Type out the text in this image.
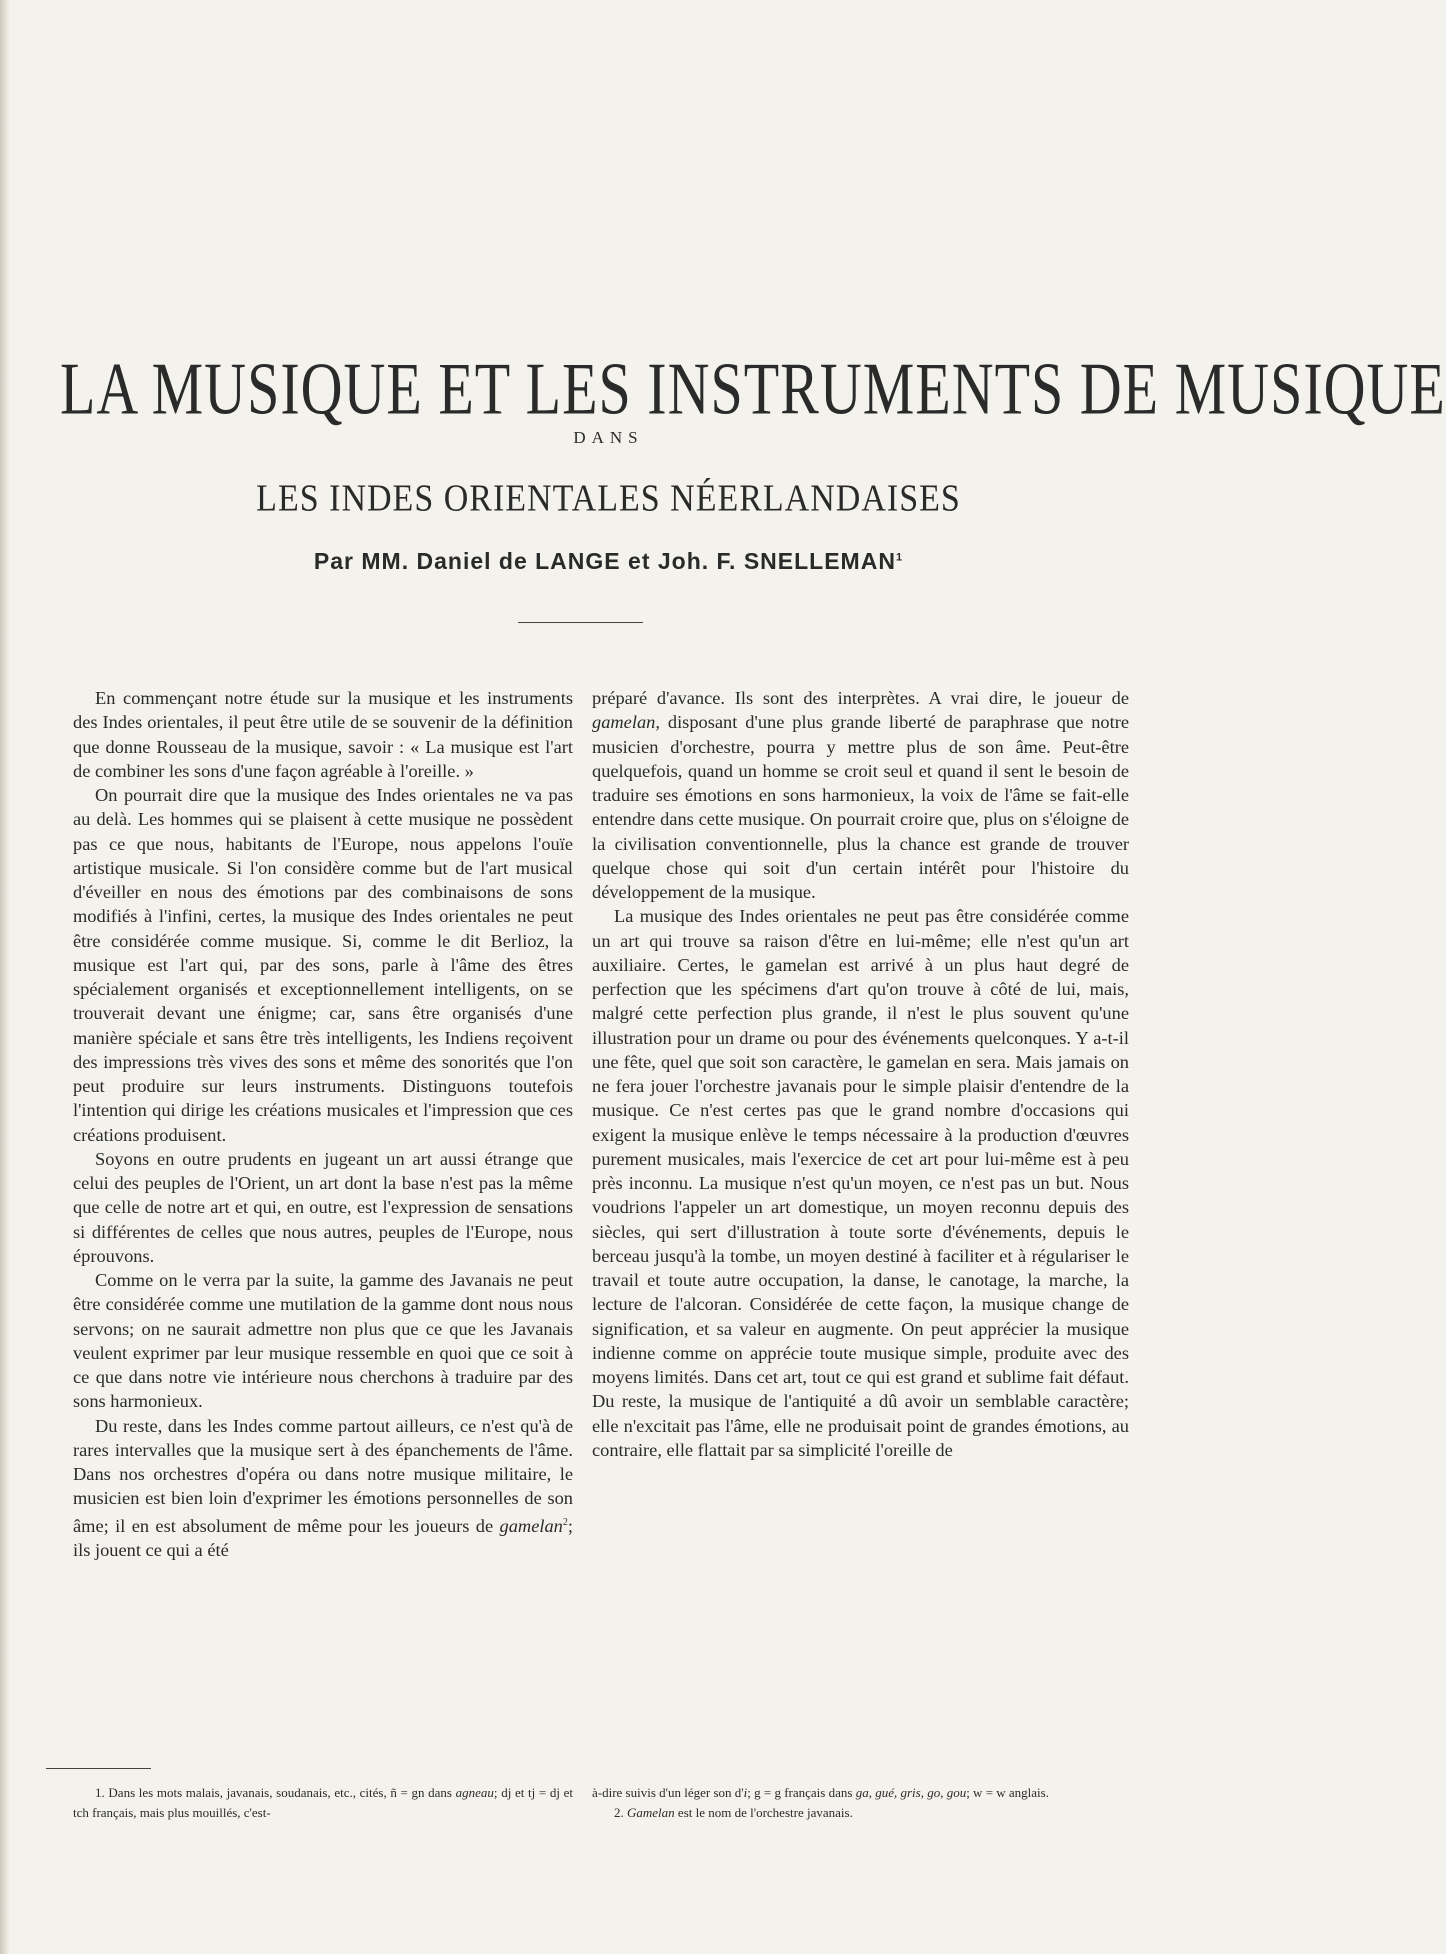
LA MUSIQUE ET LES INSTRUMENTS DE MUSIQUE
DANS
LES INDES ORIENTALES NÉERLANDAISES
Par MM. Daniel de LANGE et Joh. F. SNELLEMAN$^1$

En commençant notre étude sur la musique et les instruments des Indes orientales, il peut être utile de se souvenir de la définition que donne Rousseau de la musique, savoir : « La musique est l'art de combiner les sons d'une façon agréable à l'oreille. »

On pourrait dire que la musique des Indes orientales ne va pas au delà. Les hommes qui se plaisent à cette musique ne possèdent pas ce que nous, habitants de l'Europe, nous appelons l'ouïe artistique musicale. Si l'on considère comme but de l'art musical d'éveiller en nous des émotions par des combinaisons de sons modifiés à l'infini, certes, la musique des Indes orientales ne peut être considérée comme musique. Si, comme le dit Berlioz, la musique est l'art qui, par des sons, parle à l'âme des êtres spécialement organisés et exceptionnellement intelligents, on se trouverait devant une énigme; car, sans être organisés d'une manière spéciale et sans être très intelligents, les Indiens reçoivent des impressions très vives des sons et même des sonorités que l'on peut produire sur leurs instruments. Distinguons toutefois l'intention qui dirige les créations musicales et l'impression que ces créations produisent.

Soyons en outre prudents en jugeant un art aussi étrange que celui des peuples de l'Orient, un art dont la base n'est pas la même que celle de notre art et qui, en outre, est l'expression de sensations si différentes de celles que nous autres, peuples de l'Europe, nous éprouvons.

Comme on le verra par la suite, la gamme des Javanais ne peut être considérée comme une mutilation de la gamme dont nous nous servons; on ne saurait admettre non plus que ce que les Javanais veulent exprimer par leur musique ressemble en quoi que ce soit à ce que dans notre vie intérieure nous cherchons à traduire par des sons harmonieux.

Du reste, dans les Indes comme partout ailleurs, ce n'est qu'à de rares intervalles que la musique sert à des épanchements de l'âme. Dans nos orchestres d'opéra ou dans notre musique militaire, le musicien est bien loin d'exprimer les émotions personnelles de son âme; il en est absolument de même pour les joueurs de gamelan$^2$; ils jouent ce qui a été

préparé d'avance. Ils sont des interprètes. A vrai dire, le joueur de gamelan, disposant d'une plus grande liberté de paraphrase que notre musicien d'orchestre, pourra y mettre plus de son âme. Peut-être quelquefois, quand un homme se croit seul et quand il sent le besoin de traduire ses émotions en sons harmonieux, la voix de l'âme se fait-elle entendre dans cette musique. On pourrait croire que, plus on s'éloigne de la civilisation conventionnelle, plus la chance est grande de trouver quelque chose qui soit d'un certain intérêt pour l'histoire du développement de la musique.

La musique des Indes orientales ne peut pas être considérée comme un art qui trouve sa raison d'être en lui-même; elle n'est qu'un art auxiliaire. Certes, le gamelan est arrivé à un plus haut degré de perfection que les spécimens d'art qu'on trouve à côté de lui, mais, malgré cette perfection plus grande, il n'est le plus souvent qu'une illustration pour un drame ou pour des événements quelconques. Y a-t-il une fête, quel que soit son caractère, le gamelan en sera. Mais jamais on ne fera jouer l'orchestre javanais pour le simple plaisir d'entendre de la musique. Ce n'est certes pas que le grand nombre d'occasions qui exigent la musique enlève le temps nécessaire à la production d'œuvres purement musicales, mais l'exercice de cet art pour lui-même est à peu près inconnu. La musique n'est qu'un moyen, ce n'est pas un but. Nous voudrions l'appeler un art domestique, un moyen reconnu depuis des siècles, qui sert d'illustration à toute sorte d'événements, depuis le berceau jusqu'à la tombe, un moyen destiné à faciliter et à régulariser le travail et toute autre occupation, la danse, le canotage, la marche, la lecture de l'alcoran. Considérée de cette façon, la musique change de signification, et sa valeur en augmente. On peut apprécier la musique indienne comme on apprécie toute musique simple, produite avec des moyens limités. Dans cet art, tout ce qui est grand et sublime fait défaut. Du reste, la musique de l'antiquité a dû avoir un semblable caractère; elle n'excitait pas l'âme, elle ne produisait point de grandes émotions, au contraire, elle flattait par sa simplicité l'oreille de

1. Dans les mots malais, javanais, soudanais, etc., cités, ñ = gn dans agneau; dj et tj = dj et tch français, mais plus mouillés, c'est-

à-dire suivis d'un léger son d'i; g = g français dans ga, gué, gris, go, gou; w = w anglais.

2. Gamelan est le nom de l'orchestre javanais.
